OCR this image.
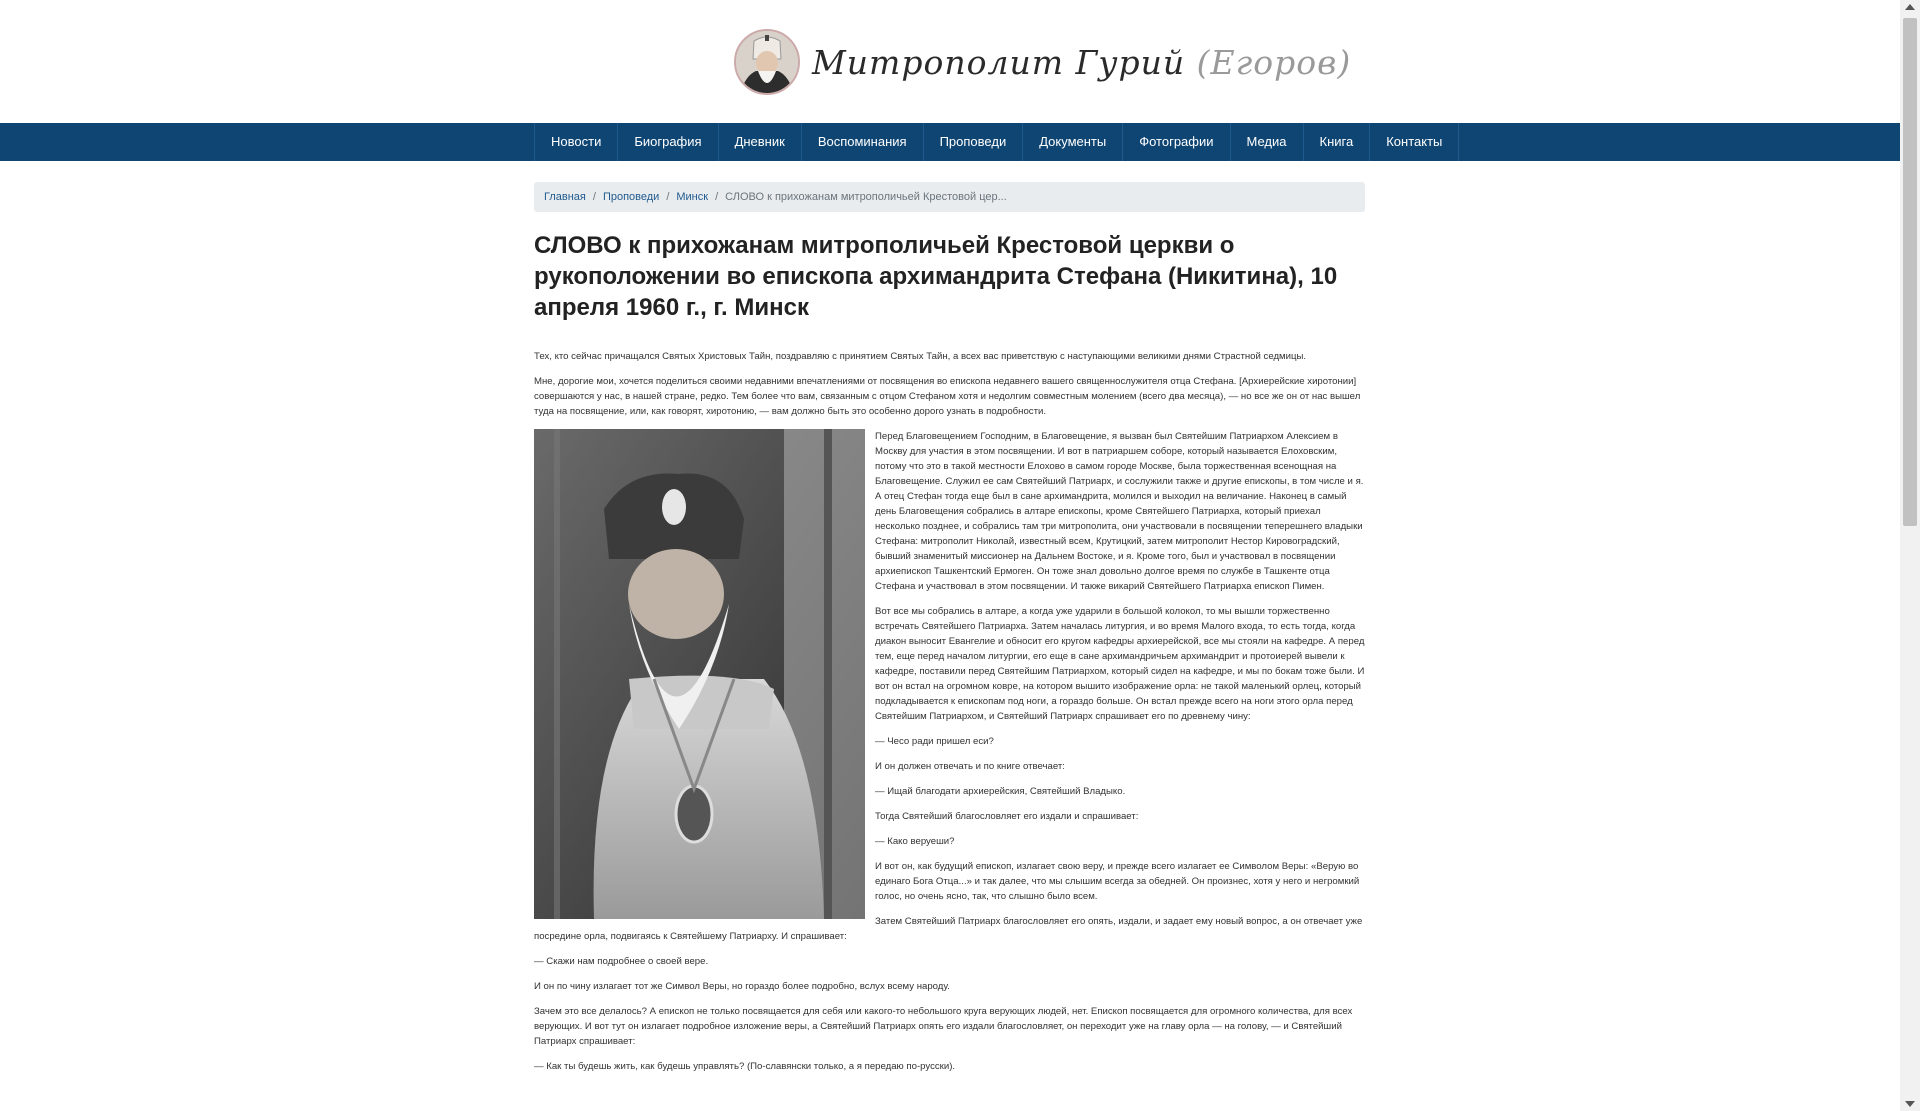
Митрополит Гурий (Егоров)
Новости	Биография	Дневник	Воспоминания	Проповеди	Документы	Фотографии	Медиа	Книга	Контакты
Главная / Проповеди / Минск / СЛОВО к прихожанам митрополичьей Крестовой цер...
СЛОВО к прихожанам митрополичьей Крестовой церкви о рукоположении во епископа архимандрита Стефана (Никитина), 10 апреля 1960 г., г. Минск

Тех, кто сейчас причащался Святых Христовых Тайн, поздравляю с принятием Святых Тайн, а всех вас приветствую с наступающими великими днями Страстной седмицы.

Мне, дорогие мои, хочется поделиться своими недавними впечатлениями от посвящения во епископа недавнего вашего священнослужителя отца Стефана. [Архиерейские хиротонии] совершаются у нас, в нашей стране, редко. Тем более что вам, связанным с отцом Стефаном хотя и недолгим совместным молением (всего два месяца), — но все же он от нас вышел туда на посвящение, или, как говорят, хиротонию, — вам должно быть это особенно дорого узнать в подробности.

Перед Благовещением Господним, в Благовещение, я вызван был Святейшим Патриархом Алексием в Москву для участия в этом посвящении. И вот в патриаршем соборе, который называется Елоховским, потому что это в такой местности Елохово в самом городе Москве, была торжественная всенощная на Благовещение. Служил ее сам Святейший Патриарх, и сослужили также и другие епископы, в том числе и я. А отец Стефан тогда еще был в сане архимандрита, молился и выходил на величание. Наконец в самый день Благовещения собрались в алтаре епископы, кроме Святейшего Патриарха, который приехал несколько позднее, и собрались там три митрополита, они участвовали в посвящении теперешнего владыки Стефана: митрополит Николай, известный всем, Крутицкий, затем митрополит Нестор Кировоградский, бывший знаменитый миссионер на Дальнем Востоке, и я. Кроме того, был и участвовал в посвящении архиепископ Ташкентский Ермоген. Он тоже знал довольно долгое время по службе в Ташкенте отца Стефана и участвовал в этом посвящении. И также викарий Святейшего Патриарха епископ Пимен.

Вот все мы собрались в алтаре, а когда уже ударили в большой колокол, то мы вышли торжественно встречать Святейшего Патриарха. Затем началась литургия, и во время Малого входа, то есть тогда, когда диакон выносит Евангелие и обносит его кругом кафедры архиерейской, все мы стояли на кафедре. А перед тем, еще перед началом литургии, его еще в сане архимандричьем архимандрит и протоиерей вывели к кафедре, поставили перед Святейшим Патриархом, который сидел на кафедре, и мы по бокам тоже были. И вот он встал на огромном ковре, на котором вышито изображение орла: не такой маленький орлец, который подкладывается к епископам под ноги, а гораздо больше. Он встал прежде всего на ноги этого орла перед Святейшим Патриархом, и Святейший Патриарх спрашивает его по древнему чину:

— Чесо ради пришел еси?

И он должен отвечать и по книге отвечает:

— Ищай благодати архиерейския, Святейший Владыко.

Тогда Святейший благословляет его издали и спрашивает:

— Како веруеши?

И вот он, как будущий епископ, излагает свою веру, и прежде всего излагает ее Символом Веры: «Верую во единаго Бога Отца...» и так далее, что мы слышим всегда за обедней. Он произнес, хотя у него и негромкий голос, но очень ясно, так, что слышно было всем.

Затем Святейший Патриарх благословляет его опять, издали, и задает ему новый вопрос, а он отвечает уже посредине орла, подвигаясь к Святейшему Патриарху. И спрашивает:

— Скажи нам подробнее о своей вере.

И он по чину излагает тот же Символ Веры, но гораздо более подробно, вслух всему народу.

Зачем это все делалось? А епископ не только посвящается для себя или какого-то небольшого круга верующих людей, нет. Епископ посвящается для огромного количества, для всех верующих. И вот тут он излагает подробное изложение веры, а Святейший Патриарх опять его издали благословляет, он переходит уже на главу орла — на голову, — и Святейший Патриарх спрашивает:

— Как ты будешь жить, как будешь управлять? (По-славянски только, а я передаю по-русски).
